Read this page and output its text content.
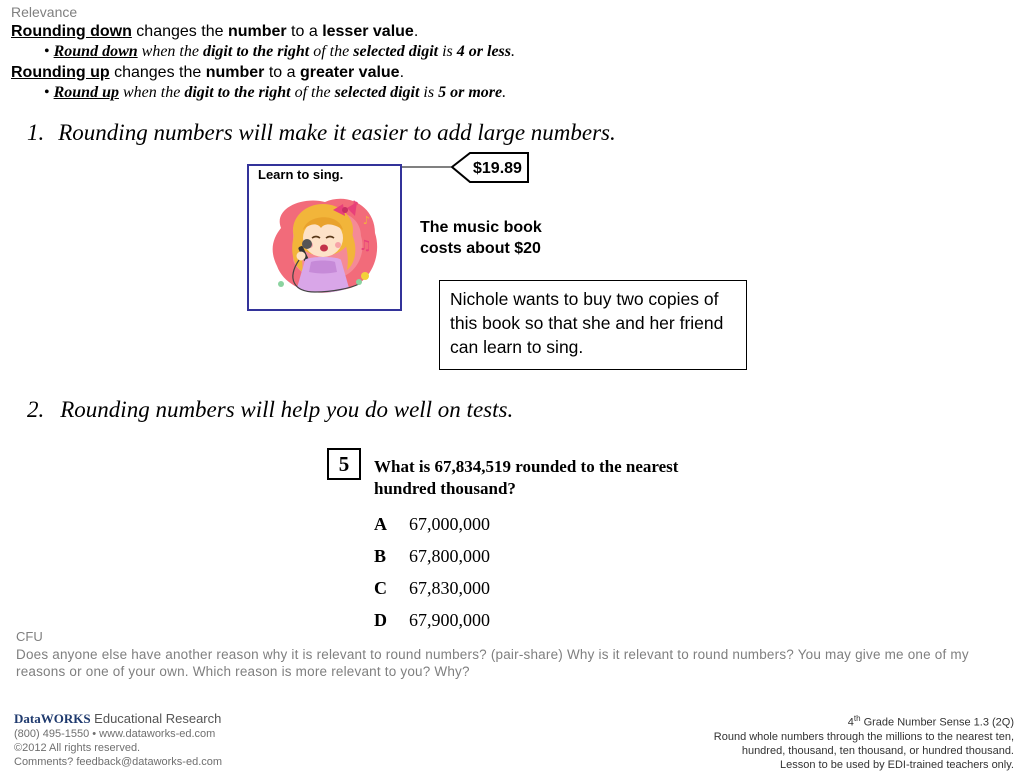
Relevance
Rounding down changes the number to a lesser value.
• Round down when the digit to the right of the selected digit is 4 or less.
Rounding up changes the number to a greater value.
• Round up when the digit to the right of the selected digit is 5 or more.
1. Rounding numbers will make it easier to add large numbers.
Learn to sing.
♪
♫
♪
$19.89
The music book
costs about $20
Nichole wants to buy two copies of this book so that she and her friend can learn to sing.
2. Rounding numbers will help you do well on tests.
5	What is 67,834,519 rounded to the nearest
hundred thousand?
A 67,000,000
B 67,800,000
C 67,830,000
D 67,900,000
CFU
Does anyone else have another reason why it is relevant to round numbers? (pair-share) Why is it relevant to round numbers? You may give me one of my reasons or one of your own. Which reason is more relevant to you? Why?
DataWORKS Educational Research
(800) 495-1550 • www.dataworks-ed.com
©2012 All rights reserved.
Comments? feedback@dataworks-ed.com
4th Grade Number Sense 1.3 (2Q)
Round whole numbers through the millions to the nearest ten,
hundred, thousand, ten thousand, or hundred thousand.
Lesson to be used by EDI-trained teachers only.
